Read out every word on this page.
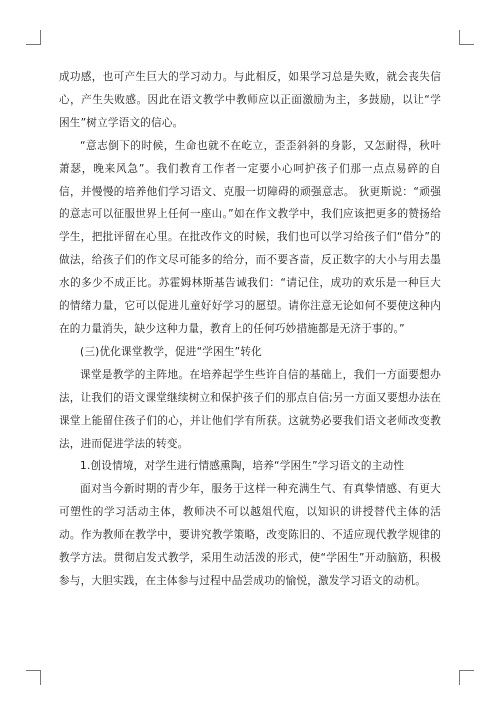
成功感，也可产生巨大的学习动力。与此相反，如果学习总是失败，就会丧失信心，产生失败感。因此在语文教学中教师应以正面激励为主，多鼓励，以让“学困生”树立学语文的信心。

“意志倒下的时候，生命也就不在屹立，歪歪斜斜的身影，又怎耐得，秋叶萧瑟，晚来风急”。我们教育工作者一定要小心呵护孩子们那一点点易碎的自信，并慢慢的培养他们学习语文、克服一切障碍的顽强意志。 狄更斯说：“顽强的意志可以征服世界上任何一座山。”如在作文教学中，我们应该把更多的赞扬给学生，把批评留在心里。在批改作文的时候，我们也可以学习给孩子们“借分”的做法，给孩子们的作文尽可能多的给分，而不要吝啬，反正数字的大小与用去墨水的多少不成正比。苏霍姆林斯基告诫我们：“请记住，成功的欢乐是一种巨大的情绪力量，它可以促进儿童好好学习的愿望。请你注意无论如何不要使这种内在的力量消失，缺少这种力量，教育上的任何巧妙措施都是无济于事的。”

(三)优化课堂教学，促进“学困生”转化

课堂是教学的主阵地。在培养起学生些许自信的基础上，我们一方面要想办法，让我们的语文课堂继续树立和保护孩子们的那点自信;另一方面又要想办法在课堂上能留住孩子们的心，并让他们学有所获。这就势必要我们语文老师改变教法，进而促进学法的转变。

1.创设情境，对学生进行情感熏陶，培养“学困生”学习语文的主动性

面对当今新时期的青少年，服务于这样一种充满生气、有真挚情感、有更大可塑性的学习活动主体，教师决不可以越俎代庖，以知识的讲授替代主体的活动。作为教师在教学中，要讲究教学策略，改变陈旧的、不适应现代教学规律的教学方法。贯彻启发式教学，采用生动活泼的形式，使“学困生”开动脑筋，积极参与，大胆实践，在主体参与过程中品尝成功的愉悦，激发学习语文的动机。
